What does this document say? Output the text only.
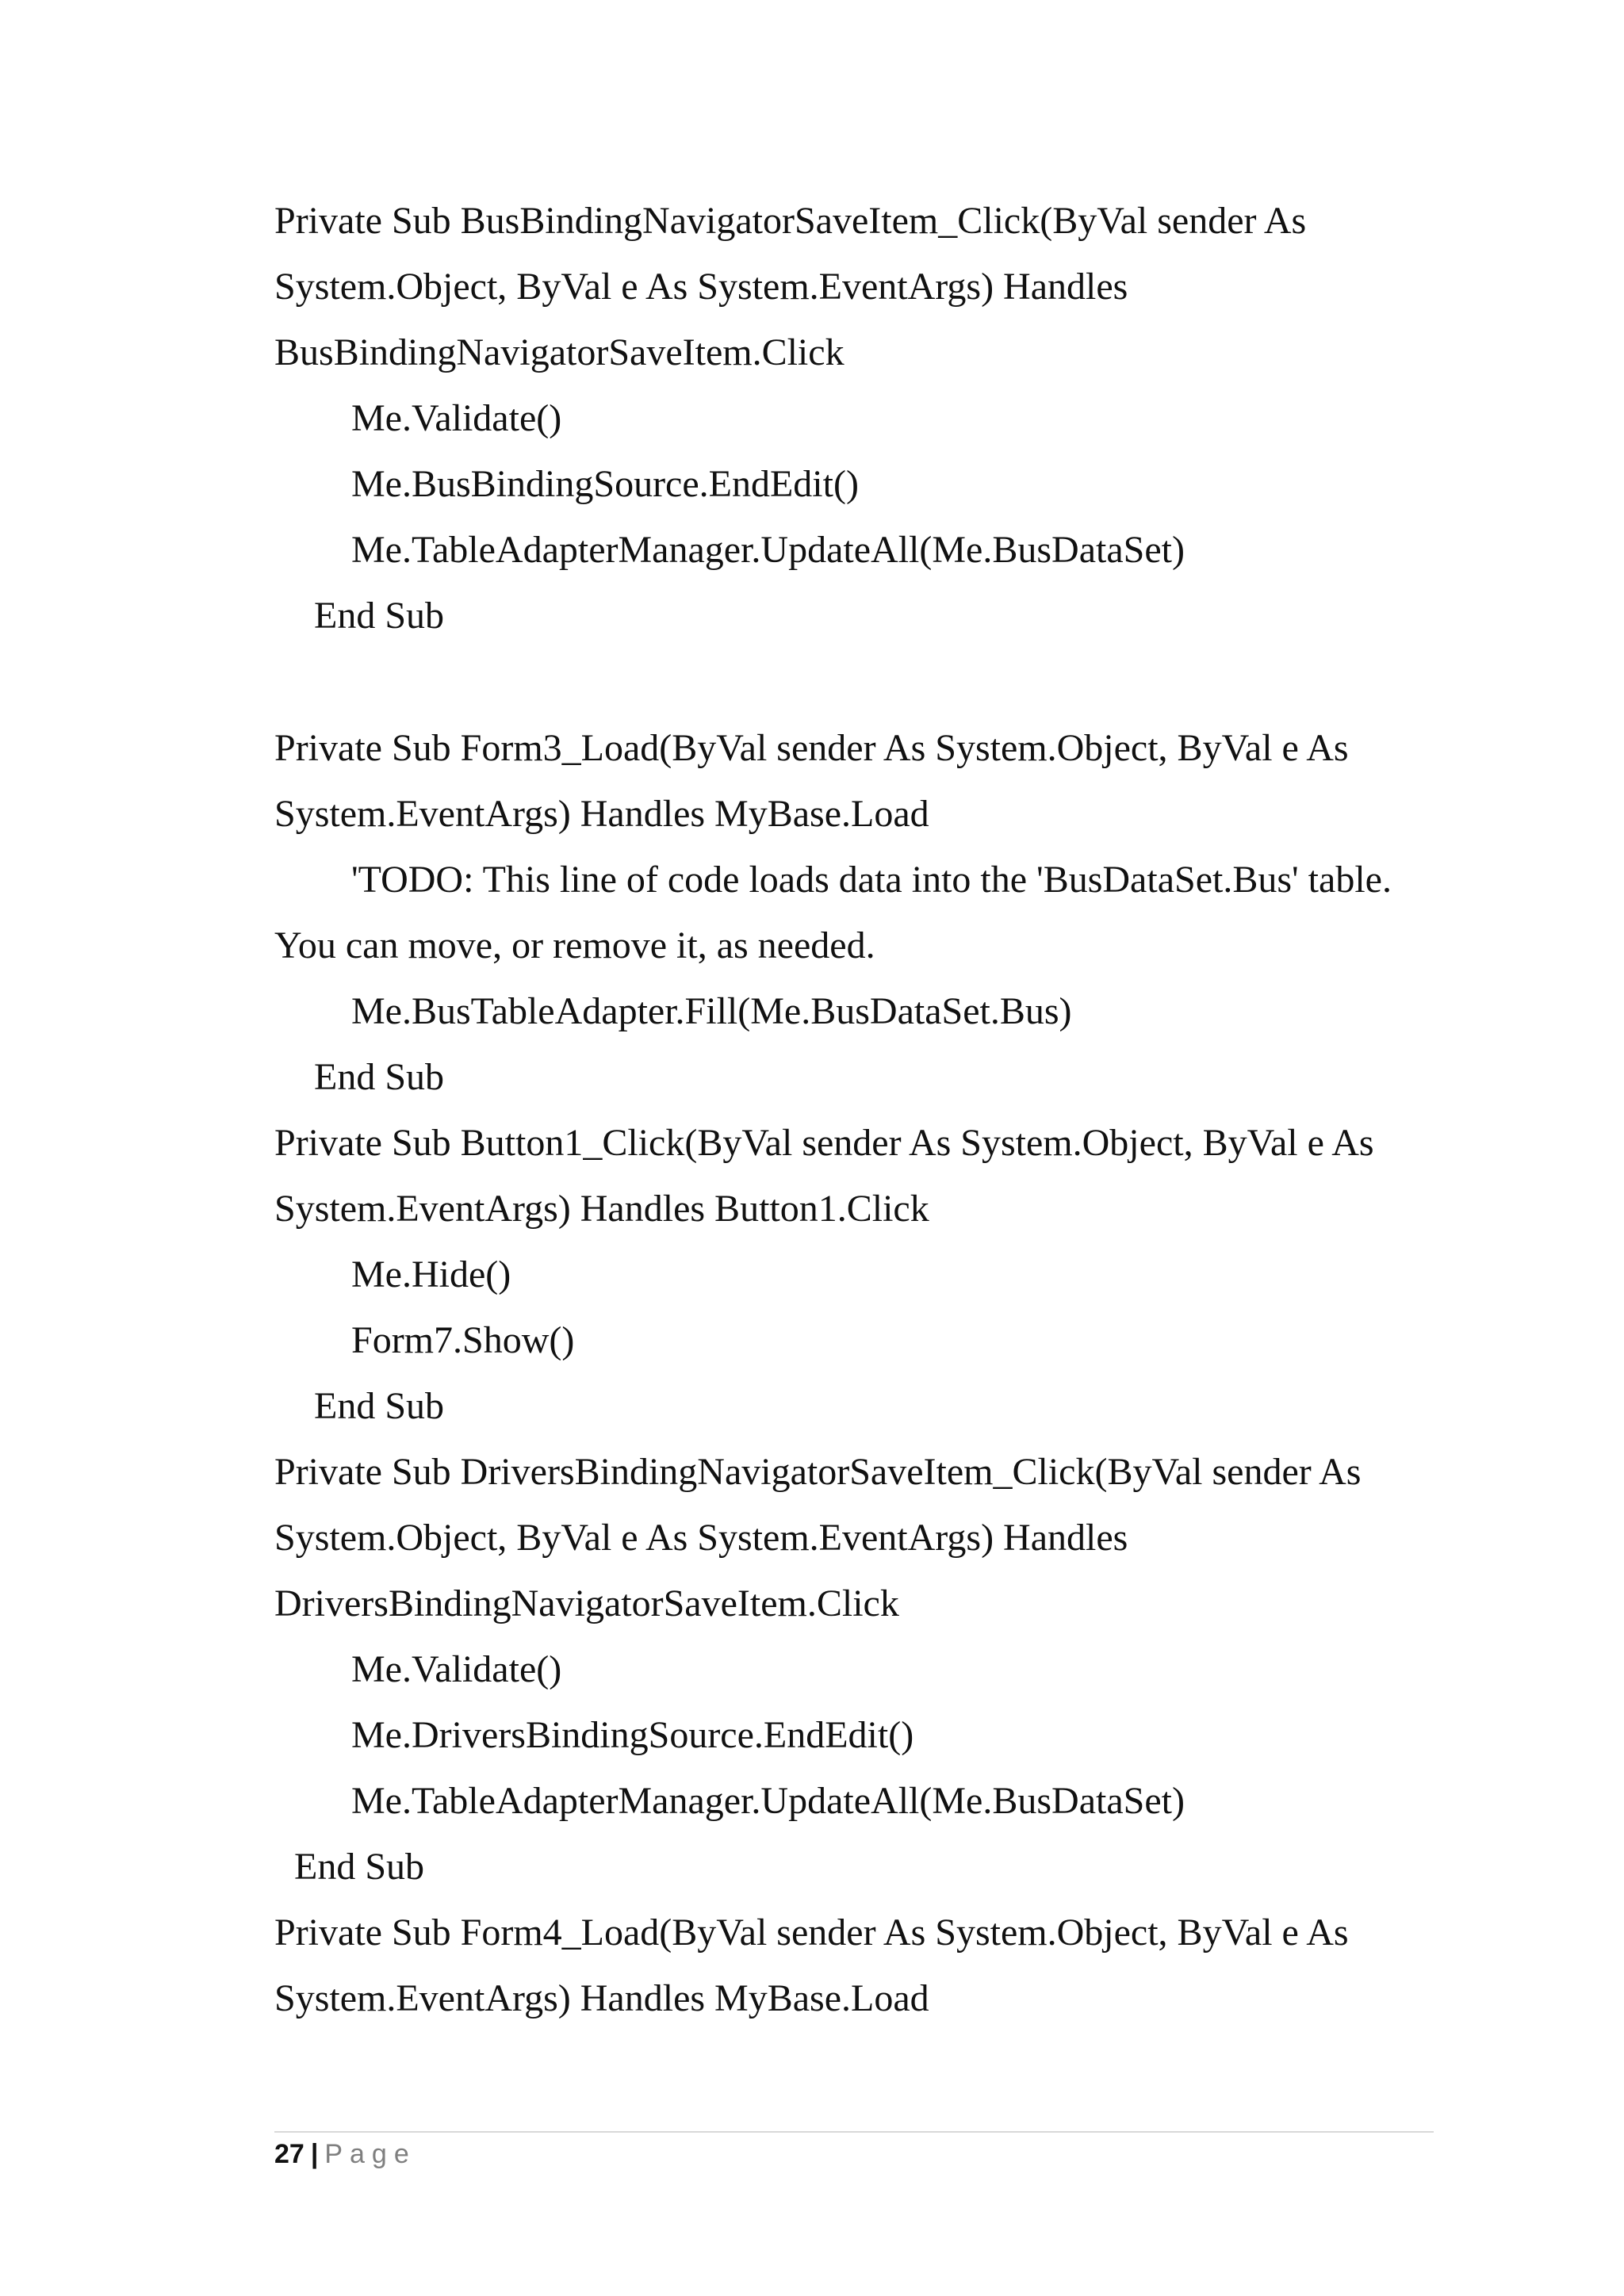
Private Sub BusBindingNavigatorSaveItem_Click(ByVal sender As
System.Object, ByVal e As System.EventArgs) Handles
BusBindingNavigatorSaveItem.Click
Me.Validate()
Me.BusBindingSource.EndEdit()
Me.TableAdapterManager.UpdateAll(Me.BusDataSet)
End Sub
Private Sub Form3_Load(ByVal sender As System.Object, ByVal e As
System.EventArgs) Handles MyBase.Load
'TODO: This line of code loads data into the 'BusDataSet.Bus' table.
You can move, or remove it, as needed.
Me.BusTableAdapter.Fill(Me.BusDataSet.Bus)
End Sub
Private Sub Button1_Click(ByVal sender As System.Object, ByVal e As
System.EventArgs) Handles Button1.Click
Me.Hide()
Form7.Show()
End Sub
Private Sub DriversBindingNavigatorSaveItem_Click(ByVal sender As
System.Object, ByVal e As System.EventArgs) Handles
DriversBindingNavigatorSaveItem.Click
Me.Validate()
Me.DriversBindingSource.EndEdit()
Me.TableAdapterManager.UpdateAll(Me.BusDataSet)
End Sub
Private Sub Form4_Load(ByVal sender As System.Object, ByVal e As
System.EventArgs) Handles MyBase.Load
27 | Page
